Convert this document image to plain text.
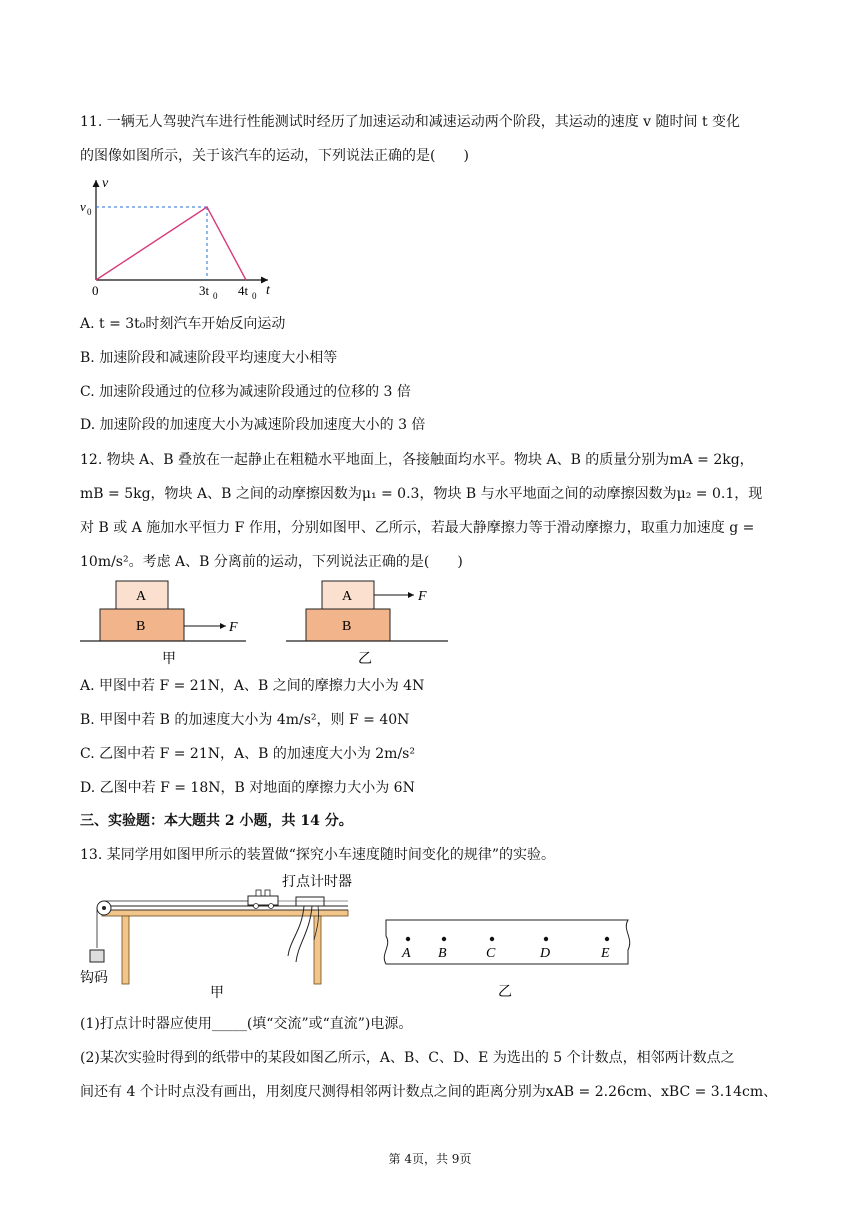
11. 一辆无人驾驶汽车进行性能测试时经历了加速运动和减速运动两个阶段，其运动的速度 v 随时间 t 变化
的图像如图所示，关于该汽车的运动，下列说法正确的是(　　)
v
t
0
v 0
3t 0 4t 0
A. t = 3t₀时刻汽车开始反向运动
B. 加速阶段和减速阶段平均速度大小相等
C. 加速阶段通过的位移为减速阶段通过的位移的 3 倍
D. 加速阶段的加速度大小为减速阶段加速度大小的 3 倍
12. 物块 A、B 叠放在一起静止在粗糙水平地面上，各接触面均水平。物块 A、B 的质量分别为mA = 2kg，
mB = 5kg，物块 A、B 之间的动摩擦因数为μ₁ = 0.3，物块 B 与水平地面之间的动摩擦因数为μ₂ = 0.1，现
对 B 或 A 施加水平恒力 F 作用，分别如图甲、乙所示，若最大静摩擦力等于滑动摩擦力，取重力加速度 g =
10m/s²。考虑 A、B 分离前的运动，下列说法正确的是(　　)
A
B	F
甲
A
B
F
乙
A. 甲图中若 F = 21N，A、B 之间的摩擦力大小为 4N
B. 甲图中若 B 的加速度大小为 4m/s²，则 F = 40N
C. 乙图中若 F = 21N，A、B 的加速度大小为 2m/s²
D. 乙图中若 F = 18N，B 对地面的摩擦力大小为 6N
三、实验题：本大题共 2 小题，共 14 分。
13. 某同学用如图甲所示的装置做“探究小车速度随时间变化的规律”的实验。
钩码
打点计时器
甲
A B	C	D	E
乙
(1)打点计时器应使用_____(填“交流”或“直流”)电源。
(2)某次实验时得到的纸带中的某段如图乙所示，A、B、C、D、E 为选出的 5 个计数点，相邻两计数点之
间还有 4 个计时点没有画出，用刻度尺测得相邻两计数点之间的距离分别为xAB = 2.26cm、xBC = 3.14cm、
第 4页，共 9页
